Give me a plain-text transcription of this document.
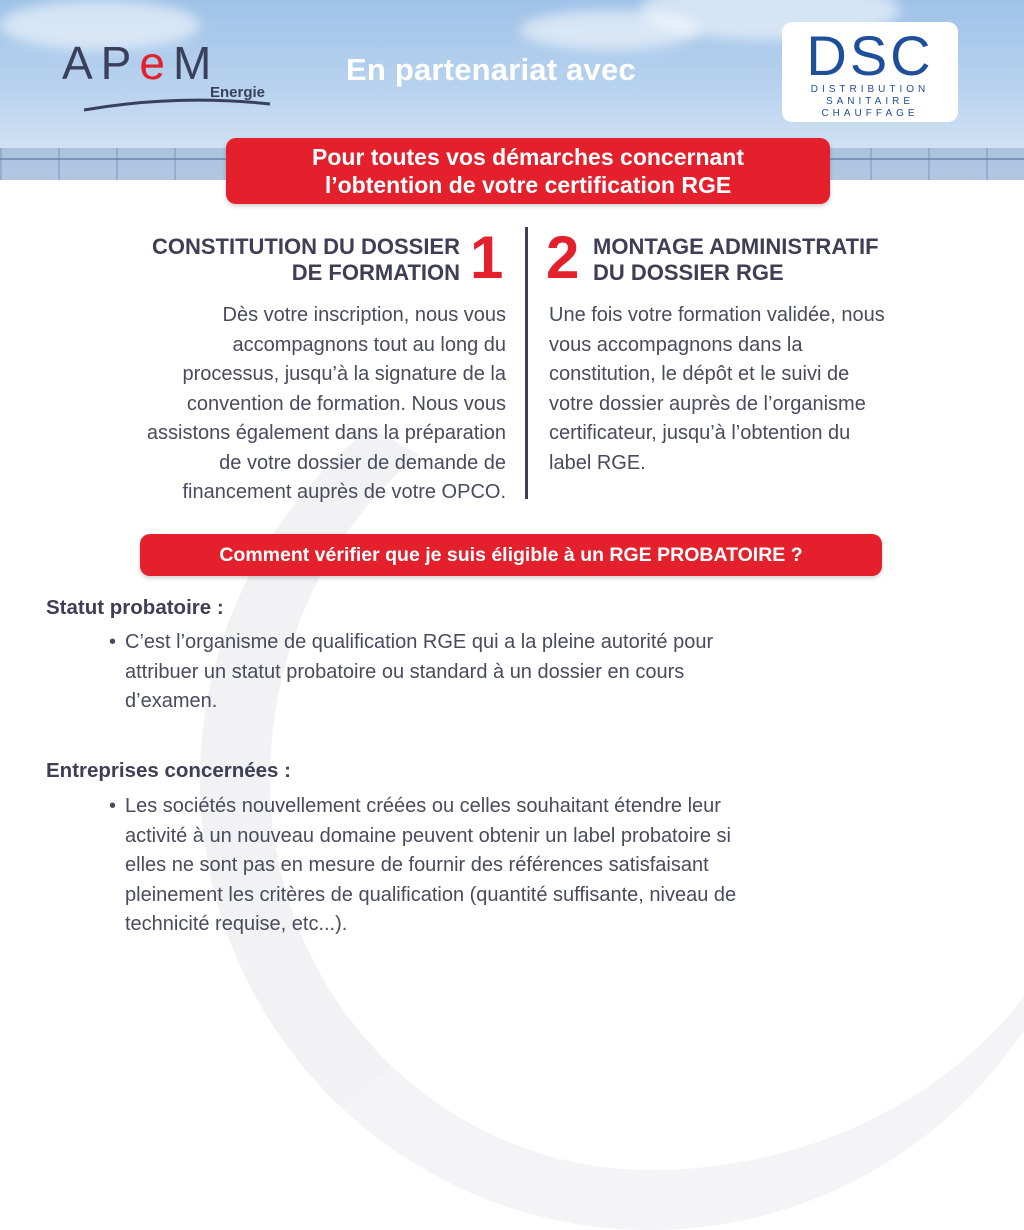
APeM
Energie
En partenariat avec	DSC
DISTRIBUTION
SANITAIRE
CHAUFFAGE
Pour toutes vos démarches concernant
l’obtention de votre certification RGE
CONSTITUTION DU DOSSIER
DE FORMATION 1
Dès votre inscription, nous vous
accompagnons tout au long du
processus, jusqu’à la signature de la
convention de formation. Nous vous
assistons également dans la préparation
de votre dossier de demande de
financement auprès de votre OPCO.
2 MONTAGE ADMINISTRATIF
DU DOSSIER RGE
Une fois votre formation validée, nous
vous accompagnons dans la
constitution, le dépôt et le suivi de
votre dossier auprès de l’organisme
certificateur, jusqu’à l’obtention du
label RGE.
Comment vérifier que je suis éligible à un RGE PROBATOIRE ?
Statut probatoire :
• C’est l’organisme de qualification RGE qui a la pleine autorité pour
attribuer un statut probatoire ou standard à un dossier en cours
d’examen.
Entreprises concernées :
• Les sociétés nouvellement créées ou celles souhaitant étendre leur
activité à un nouveau domaine peuvent obtenir un label probatoire si
elles ne sont pas en mesure de fournir des références satisfaisant
pleinement les critères de qualification (quantité suffisante, niveau de
technicité requise, etc...).
